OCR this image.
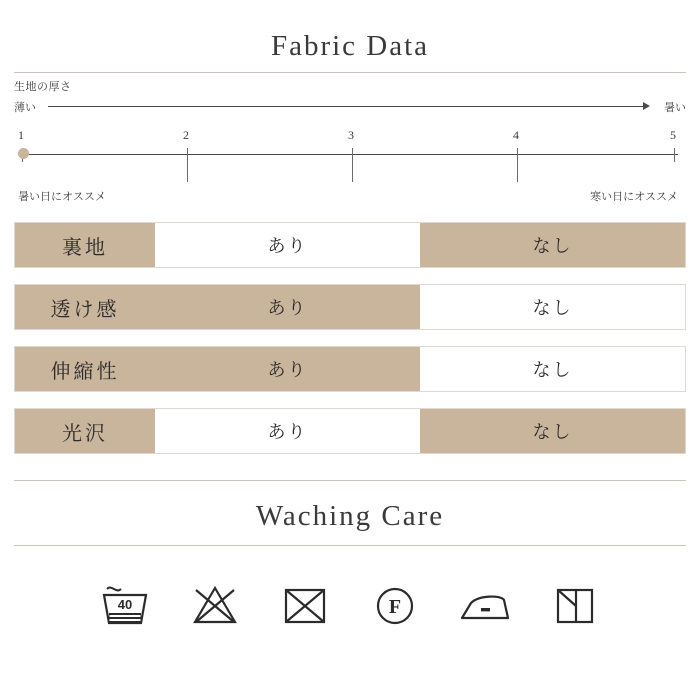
Fabric Data
生地の厚さ
薄い	暑い
1	2	3	4	5
暑い日にオススメ	寒い日にオススメ
裏地	あり	なし
透け感	あり	なし
伸縮性	あり	なし
光沢	あり	なし
Waching Care
40	F
